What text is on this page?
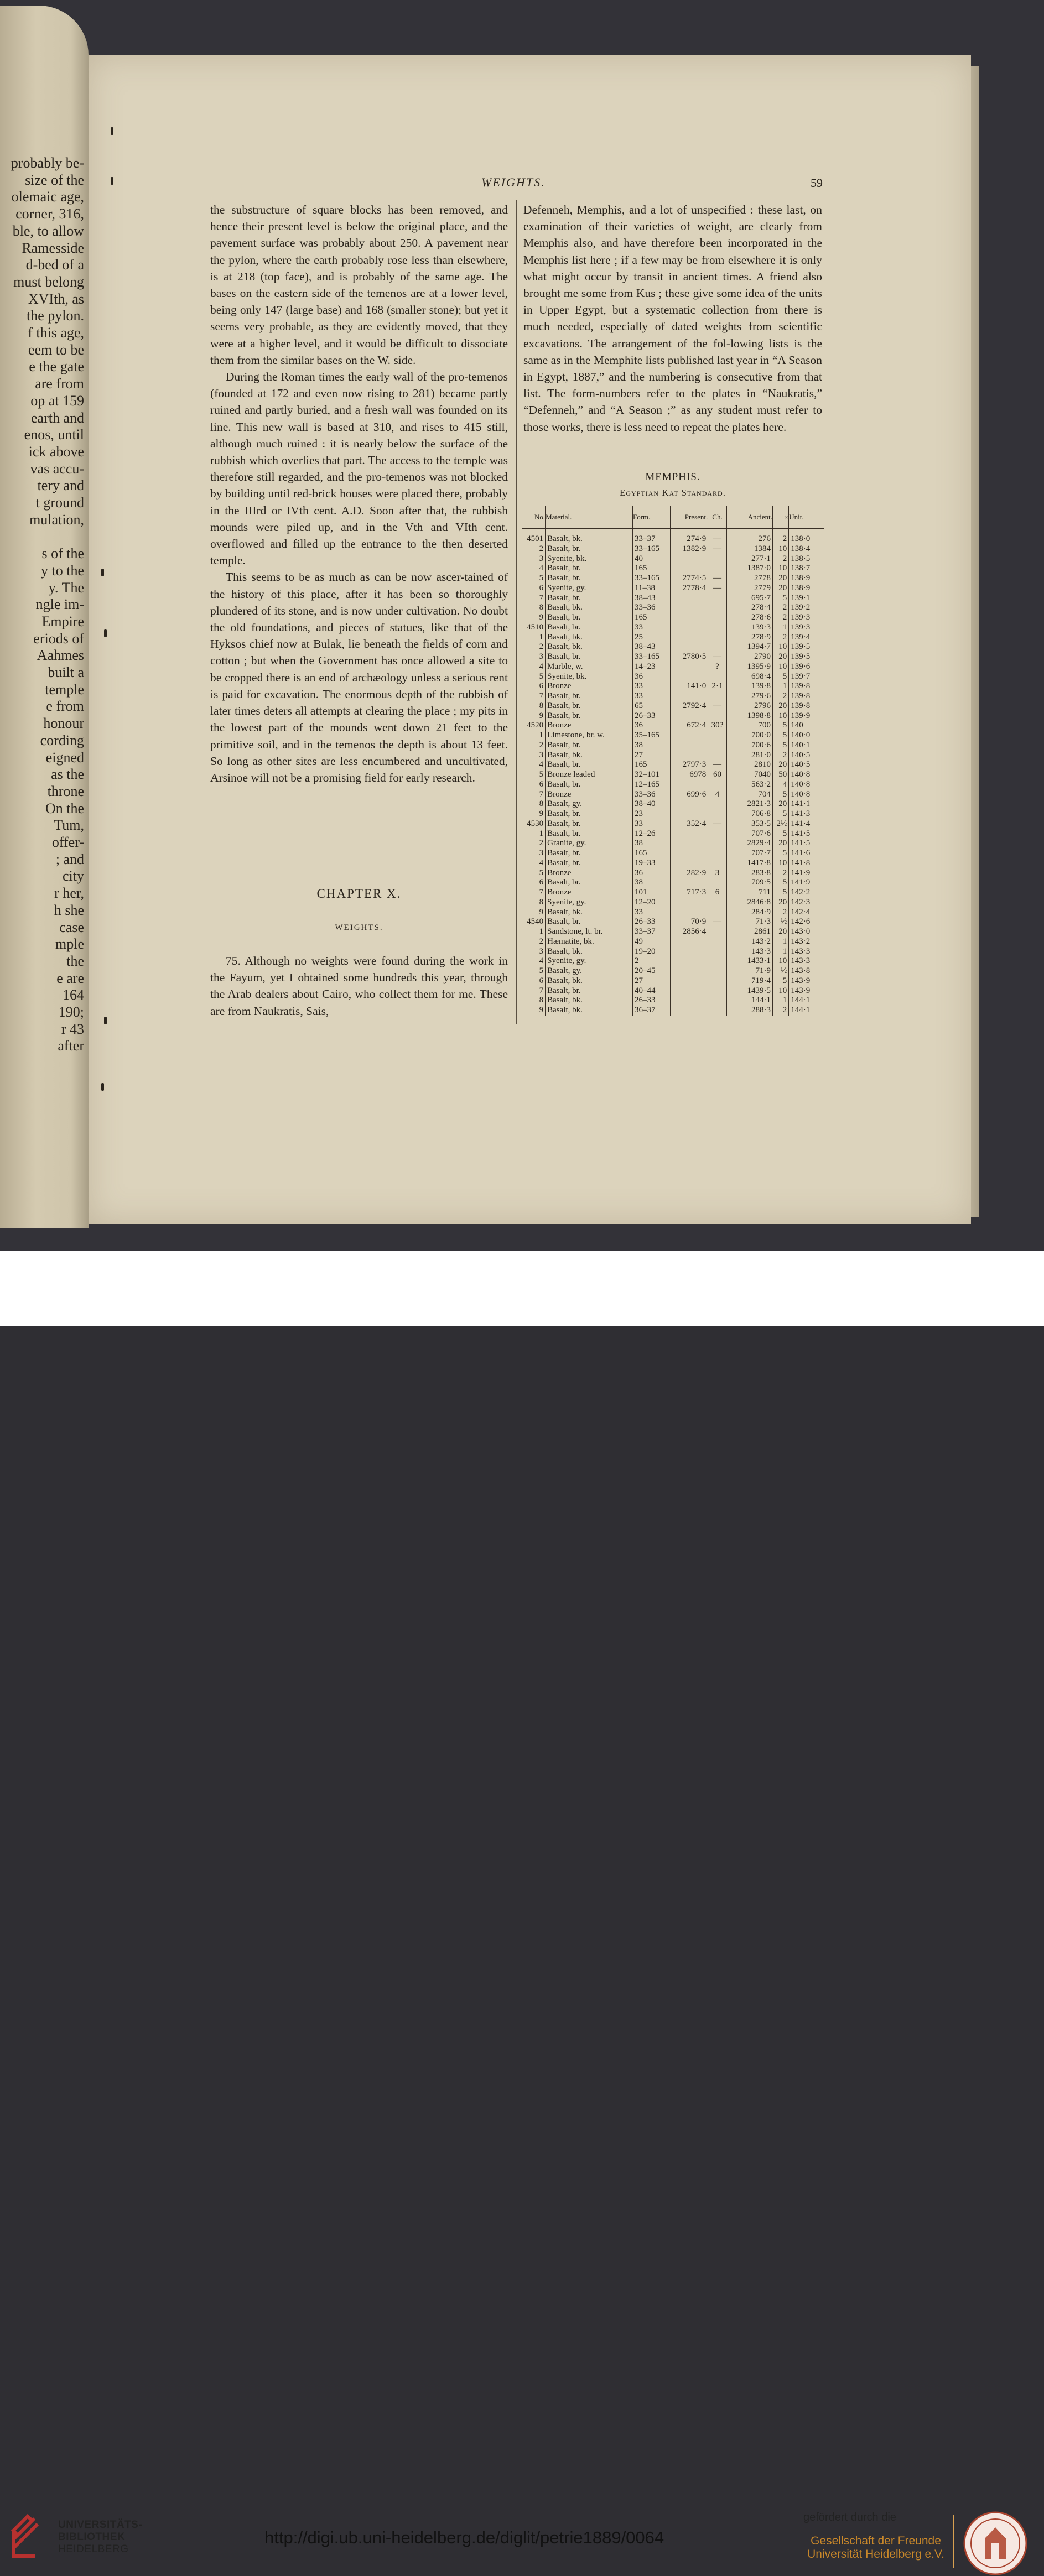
probably be-
size of the
olemaic age,
corner, 316,
ble, to allow
Ramesside
d-bed of a
must belong
XVIth, as
the pylon.
f this age,
eem to be
e the gate
are from
op at 159
earth and
enos, until
ick above
vas accu-
tery and
t ground
mulation,
s of the
y to the
y. The
ngle im-
Empire
eriods of
Aahmes
built a
temple
e from
honour
cording
eigned
as the
throne
On the
Tum,
offer-
; and
city
r her,
h she
case
mple
the
e are
164
190;
r 43
after
WEIGHTS.	59

the substructure of square blocks has been removed, and hence their present level is below the original place, and the pavement surface was probably about 250. A pavement near the pylon, where the earth probably rose less than elsewhere, is at 218 (top face), and is probably of the same age. The bases on the eastern side of the temenos are at a lower level, being only 147 (large base) and 168 (smaller stone); but yet it seems very probable, as they are evidently moved, that they were at a higher level, and it would be difficult to dissociate them from the similar bases on the W. side.

During the Roman times the early wall of the pro-temenos (founded at 172 and even now rising to 281) became partly ruined and partly buried, and a fresh wall was founded on its line. This new wall is based at 310, and rises to 415 still, although much ruined : it is nearly below the surface of the rubbish which overlies that part. The access to the temple was therefore still regarded, and the pro-temenos was not blocked by building until red-brick houses were placed there, probably in the IIIrd or IVth cent. A.D. Soon after that, the rubbish mounds were piled up, and in the Vth and VIth cent. overflowed and filled up the entrance to the then deserted temple.

This seems to be as much as can be now ascer-tained of the history of this place, after it has been so thoroughly plundered of its stone, and is now under cultivation. No doubt the old foundations, and pieces of statues, like that of the Hyksos chief now at Bulak, lie beneath the fields of corn and cotton ; but when the Government has once allowed a site to be cropped there is an end of archæology unless a serious rent is paid for excavation. The enormous depth of the rubbish of later times deters all attempts at clearing the place ; my pits in the lowest part of the mounds went down 21 feet to the primitive soil, and in the temenos the depth is about 13 feet. So long as other sites are less encumbered and uncultivated, Arsinoe will not be a promising field for early research.

CHAPTER X.
WEIGHTS.

75. Although no weights were found during the work in the Fayum, yet I obtained some hundreds this year, through the Arab dealers about Cairo, who collect them for me. These are from Naukratis, Sais,

Defenneh, Memphis, and a lot of unspecified : these last, on examination of their varieties of weight, are clearly from Memphis also, and have therefore been incorporated in the Memphis list here ; if a few may be from elsewhere it is only what might occur by transit in ancient times. A friend also brought me some from Kus ; these give some idea of the units in Upper Egypt, but a systematic collection from there is much needed, especially of dated weights from scientific excavations. The arrangement of the fol-lowing lists is the same as in the Memphite lists published last year in “A Season in Egypt, 1887,” and the numbering is consecutive from that list. The form-numbers refer to the plates in “Naukratis,” “Defenneh,” and “A Season ;” as any student must refer to those works, there is less need to repeat the plates here.

MEMPHIS.
Egyptian Kat Standard.
No.	Material.	Form.	Present.	Ch.	Ancient.	×	Unit.

4501	Basalt, bk.	33–37	274·9	—	276	2	138·0
2	Basalt, br.	33–165	1382·9	—	1384	10	138·4
3	Syenite, bk.	40			277·1	2	138·5
4	Basalt, br.	165			1387·0	10	138·7
5	Basalt, br.	33–165	2774·5	—	2778	20	138·9
6	Syenite, gy.	11–38	2778·4	—	2779	20	138·9
7	Basalt, br.	38–43			695·7	5	139·1
8	Basalt, bk.	33–36			278·4	2	139·2
9	Basalt, br.	165			278·6	2	139·3
4510	Basalt, br.	33			139·3	1	139·3
1	Basalt, bk.	25			278·9	2	139·4
2	Basalt, bk.	38–43			1394·7	10	139·5
3	Basalt, br.	33–165	2780·5	—	2790	20	139·5
4	Marble, w.	14–23		?	1395·9	10	139·6
5	Syenite, bk.	36			698·4	5	139·7
6	Bronze	33	141·0	2·1	139·8	1	139·8
7	Basalt, br.	33			279·6	2	139·8
8	Basalt, br.	65	2792·4	—	2796	20	139·8
9	Basalt, br.	26–33			1398·8	10	139·9
4520	Bronze	36	672·4	30?	700	5	140
1	Limestone, br. w.	35–165			700·0	5	140·0
2	Basalt, br.	38			700·6	5	140·1
3	Basalt, bk.	27			281·0	2	140·5
4	Basalt, br.	165	2797·3	—	2810	20	140·5
5	Bronze leaded	32–101	6978	60	7040	50	140·8
6	Basalt, br.	12–165			563·2	4	140·8
7	Bronze	33–36	699·6	4	704	5	140·8
8	Basalt, gy.	38–40			2821·3	20	141·1
9	Basalt, br.	23			706·8	5	141·3
4530	Basalt, br.	33	352·4	—	353·5	2½	141·4
1	Basalt, br.	12–26			707·6	5	141·5
2	Granite, gy.	38			2829·4	20	141·5
3	Basalt, br.	165			707·7	5	141·6
4	Basalt, br.	19–33			1417·8	10	141·8
5	Bronze	36	282·9	3	283·8	2	141·9
6	Basalt, br.	38			709·5	5	141·9
7	Bronze	101	717·3	6	711	5	142·2
8	Syenite, gy.	12–20			2846·8	20	142·3
9	Basalt, bk.	33			284·9	2	142·4
4540	Basalt, br.	26–33	70·9	—	71·3	½	142·6
1	Sandstone, lt. br.	33–37	2856·4		2861	20	143·0
2	Hæmatite, bk.	49			143·2	1	143·2
3	Basalt, bk.	19–20			143·3	1	143·3
4	Syenite, gy.	2			1433·1	10	143·3
5	Basalt, gy.	20–45			71·9	½	143·8
6	Basalt, bk.	27			719·4	5	143·9
7	Basalt, br.	40–44			1439·5	10	143·9
8	Basalt, bk.	26–33			144·1	1	144·1
9	Basalt, bk.	36–37			288·3	2	144·1
UNIVERSITÄTS-
BIBLIOTHEK
HEIDELBERG
http://digi.ub.uni-heidelberg.de/diglit/petrie1889/0064
gefördert durch die
Gesellschaft der Freunde
Universität Heidelberg e.V.
